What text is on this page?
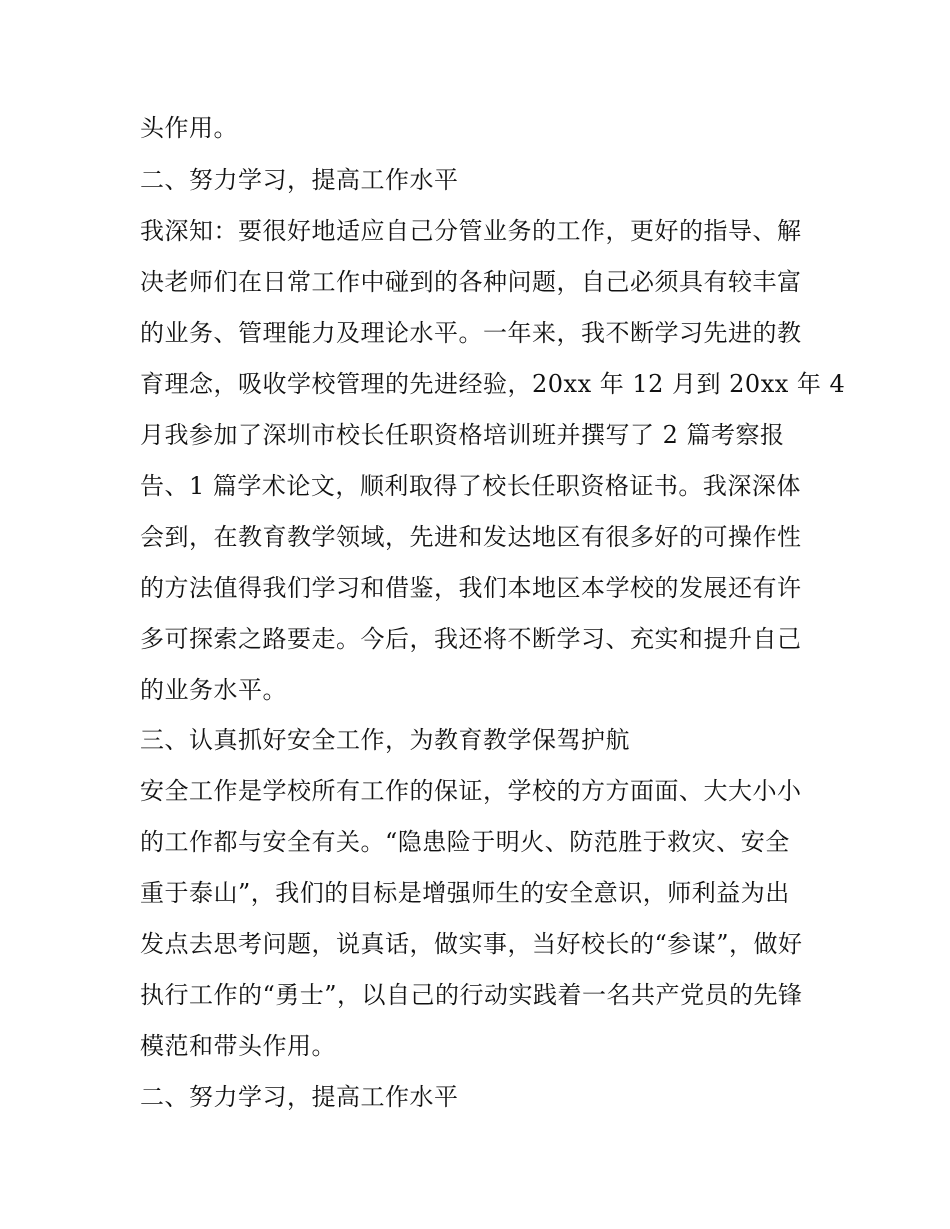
头作用。
二、努力学习，提高工作水平
我深知：要很好地适应自己分管业务的工作，更好的指导、解
决老师们在日常工作中碰到的各种问题，自己必须具有较丰富
的业务、管理能力及理论水平。一年来，我不断学习先进的教
育理念，吸收学校管理的先进经验，20xx 年 12 月到 20xx 年 4
月我参加了深圳市校长任职资格培训班并撰写了 2 篇考察报
告、1 篇学术论文，顺利取得了校长任职资格证书。我深深体
会到，在教育教学领域，先进和发达地区有很多好的可操作性
的方法值得我们学习和借鉴，我们本地区本学校的发展还有许
多可探索之路要走。今后，我还将不断学习、充实和提升自己
的业务水平。
三、认真抓好安全工作，为教育教学保驾护航
安全工作是学校所有工作的保证，学校的方方面面、大大小小
的工作都与安全有关。“隐患险于明火、防范胜于救灾、安全
重于泰山”，我们的目标是增强师生的安全意识，师利益为出
发点去思考问题，说真话，做实事，当好校长的“参谋”，做好
执行工作的“勇士”，以自己的行动实践着一名共产党员的先锋
模范和带头作用。
二、努力学习，提高工作水平
